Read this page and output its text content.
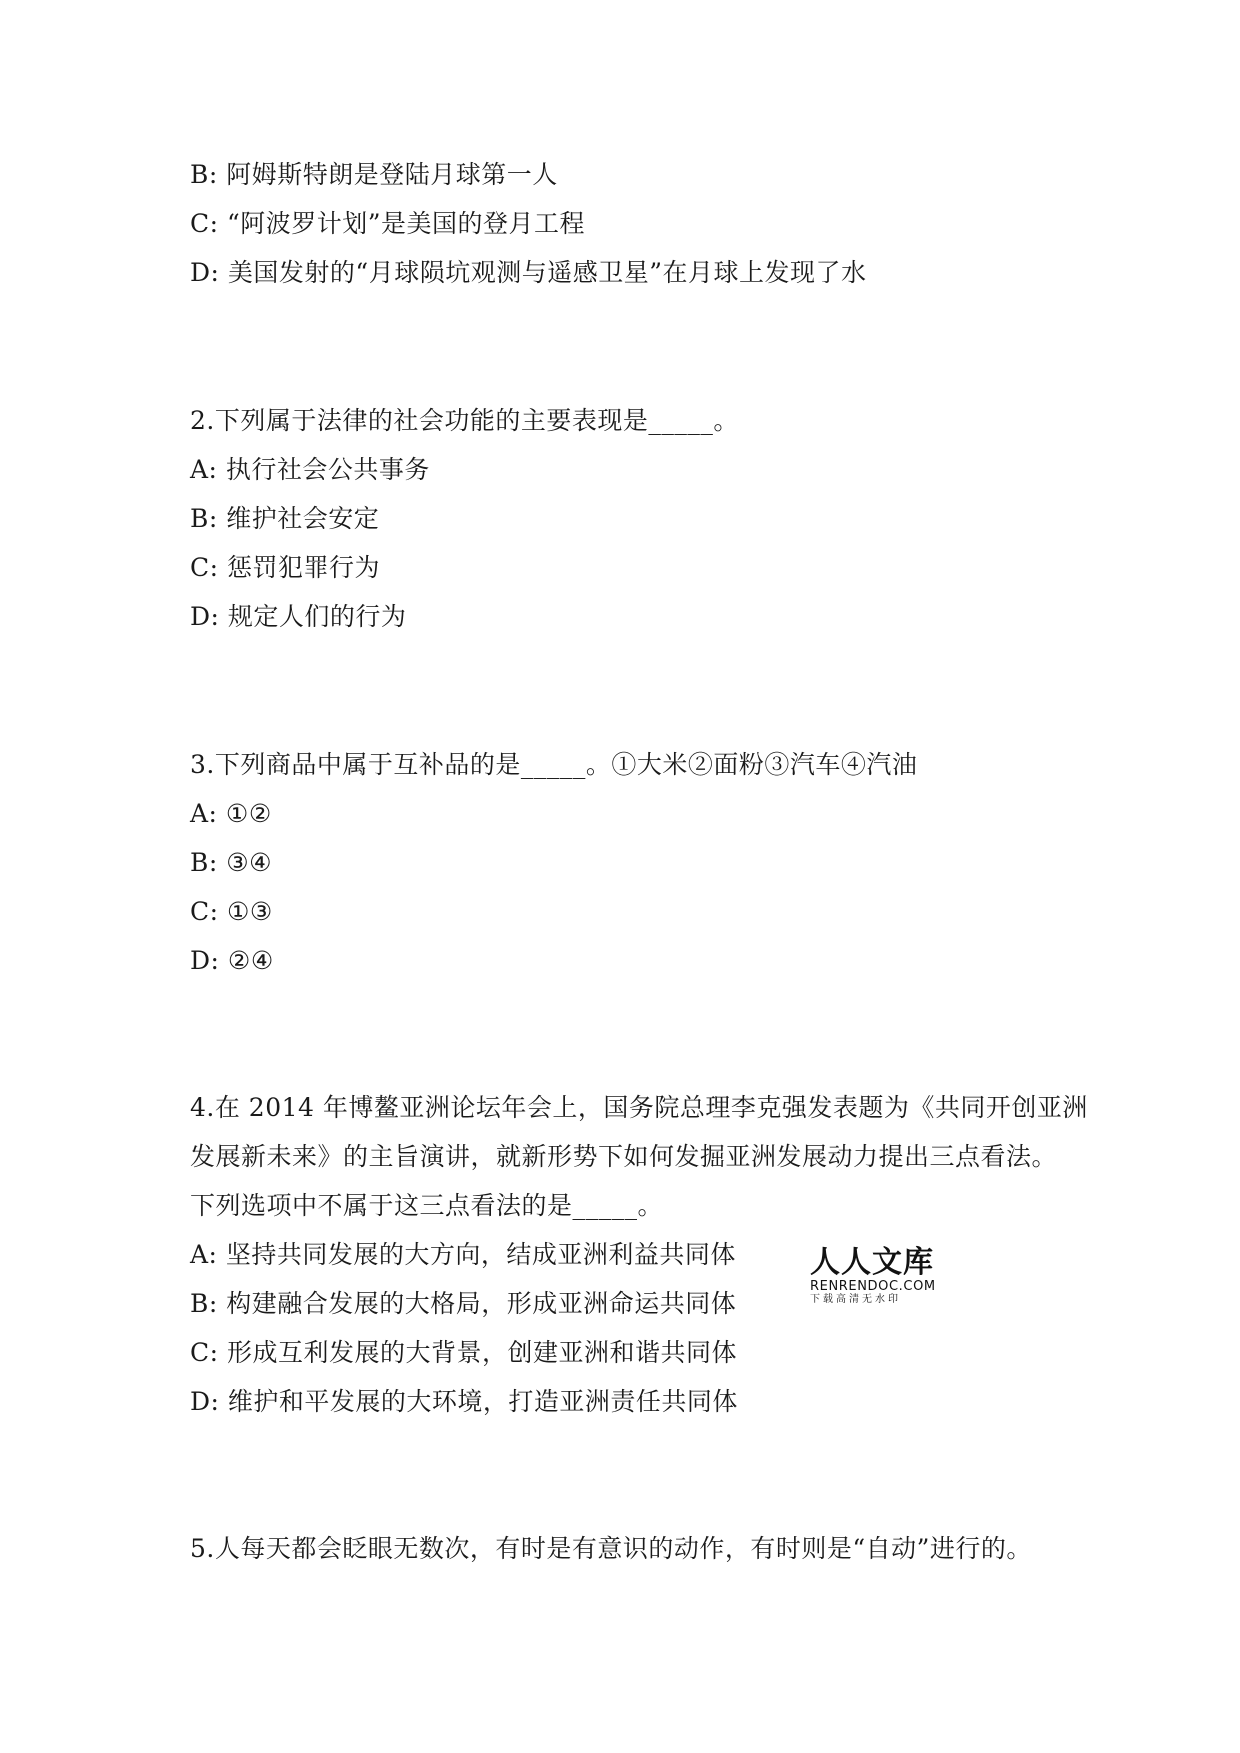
B: 阿姆斯特朗是登陆月球第一人
C: “阿波罗计划”是美国的登月工程
D: 美国发射的“月球陨坑观测与遥感卫星”在月球上发现了水
2.下列属于法律的社会功能的主要表现是_____。
A: 执行社会公共事务
B: 维护社会安定
C: 惩罚犯罪行为
D: 规定人们的行为
3.下列商品中属于互补品的是_____。①大米②面粉③汽车④汽油
A: ①②
B: ③④
C: ①③
D: ②④
4.在 2014 年博鳌亚洲论坛年会上，国务院总理李克强发表题为《共同开创亚洲
发展新未来》的主旨演讲，就新形势下如何发掘亚洲发展动力提出三点看法。
下列选项中不属于这三点看法的是_____。
A: 坚持共同发展的大方向，结成亚洲利益共同体
B: 构建融合发展的大格局，形成亚洲命运共同体
C: 形成互利发展的大背景，创建亚洲和谐共同体
D: 维护和平发展的大环境，打造亚洲责任共同体
5.人每天都会眨眼无数次，有时是有意识的动作，有时则是“自动”进行的。
人人文库
RENRENDOC.COM
下载高清无水印
